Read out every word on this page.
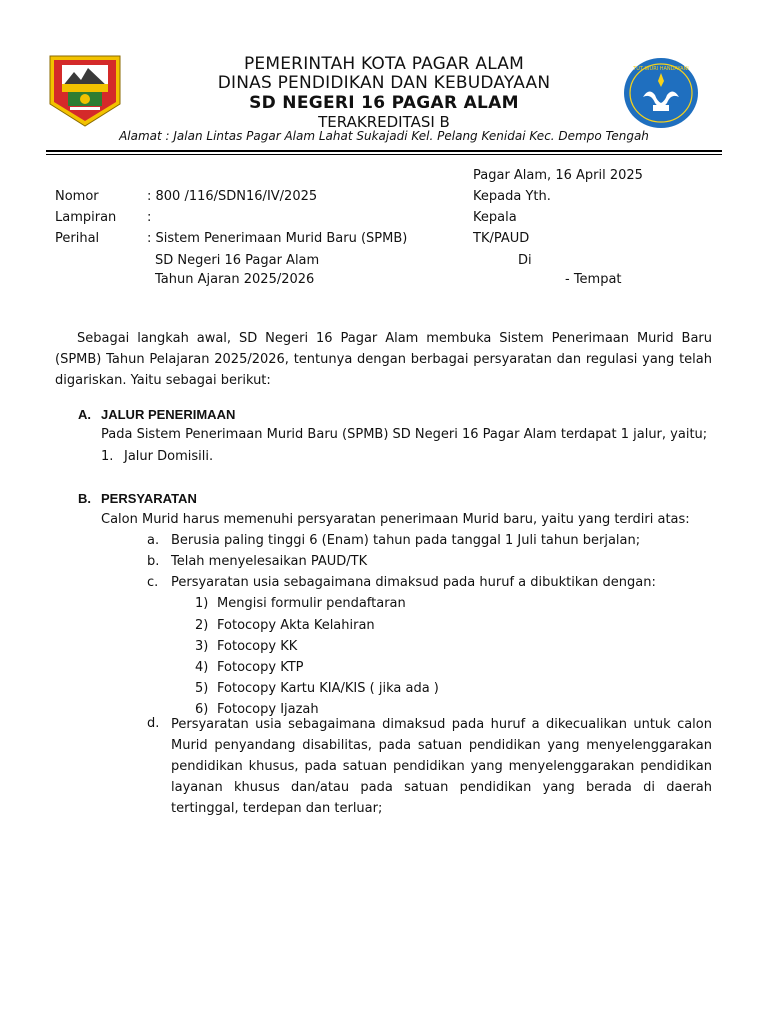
TUT WURI HANDAYANI
PEMERINTAH KOTA PAGAR ALAM
DINAS PENDIDIKAN DAN KEBUDAYAAN
SD NEGERI 16 PAGAR ALAM
TERAKREDITASI B
Alamat : Jalan Lintas Pagar Alam Lahat Sukajadi Kel. Pelang Kenidai Kec. Dempo Tengah
Pagar Alam, 16 April 2025
Kepada Yth.
Kepala
TK/PAUD
Di
- Tempat
Nomor	: 800 /116/SDN16/IV/2025
Lampiran :
Perihal	: Sistem Penerimaan Murid Baru (SPMB)
SD Negeri 16 Pagar Alam
Tahun Ajaran 2025/2026
Sebagai langkah awal, SD Negeri 16 Pagar Alam membuka Sistem Penerimaan Murid Baru (SPMB) Tahun Pelajaran 2025/2026, tentunya dengan berbagai persyaratan dan regulasi yang telah digariskan. Yaitu sebagai berikut:
A. JALUR PENERIMAAN
Pada Sistem Penerimaan Murid Baru (SPMB) SD Negeri 16 Pagar Alam terdapat 1 jalur, yaitu;
1. Jalur Domisili.
B. PERSYARATAN
Calon Murid harus memenuhi persyaratan penerimaan Murid baru, yaitu yang terdiri atas:
a. Berusia paling tinggi 6 (Enam) tahun pada tanggal 1 Juli tahun berjalan;
b. Telah menyelesaikan PAUD/TK
c. Persyaratan usia sebagaimana dimaksud pada huruf a dibuktikan dengan:
1) Mengisi formulir pendaftaran
2) Fotocopy Akta Kelahiran
3) Fotocopy KK
4) Fotocopy KTP
5) Fotocopy Kartu KIA/KIS ( jika ada )
6) Fotocopy Ijazah
d. Persyaratan usia sebagaimana dimaksud pada huruf a dikecualikan untuk calon Murid penyandang disabilitas, pada satuan pendidikan yang menyelenggarakan pendidikan khusus, pada satuan pendidikan yang menyelenggarakan pendidikan layanan khusus dan/atau pada satuan pendidikan yang berada di daerah tertinggal, terdepan dan terluar;
